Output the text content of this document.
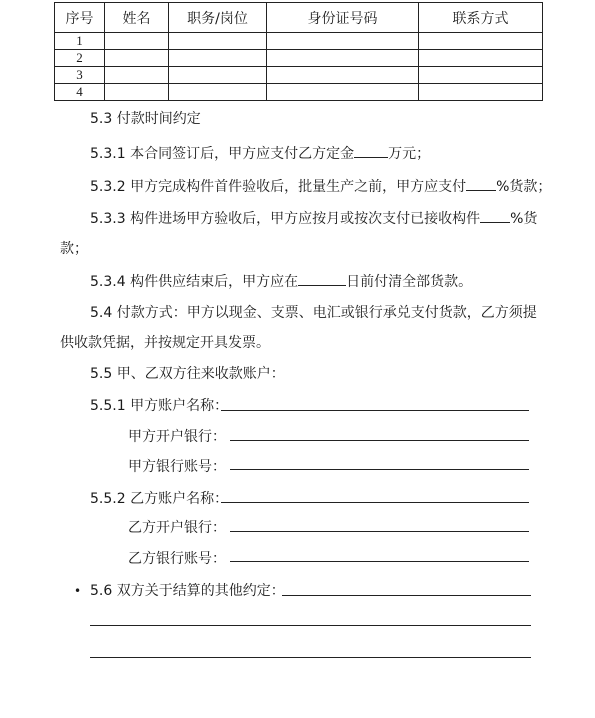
序号	姓名	职务/岗位	身份证号码	联系方式
1				
2				
3				
4				
5.3 付款时间约定
5.3.1 本合同签订后，甲方应支付乙方定金 万元；
5.3.2 甲方完成构件首件验收后，批量生产之前，甲方应支付 %货款；
5.3.3 构件进场甲方验收后，甲方应按月或按次支付已接收构件 %货
款；
5.3.4 构件供应结束后，甲方应在	日前付清全部货款。
5.4 付款方式：甲方以现金、支票、电汇或银行承兑支付货款，乙方须提
供收款凭据，并按规定开具发票。
5.5 甲、乙双方往来收款账户：
5.5.1 甲方账户名称：
甲方开户银行：
甲方银行账号：
5.5.2 乙方账户名称：
乙方开户银行：
乙方银行账号：
• 5.6 双方关于结算的其他约定：
